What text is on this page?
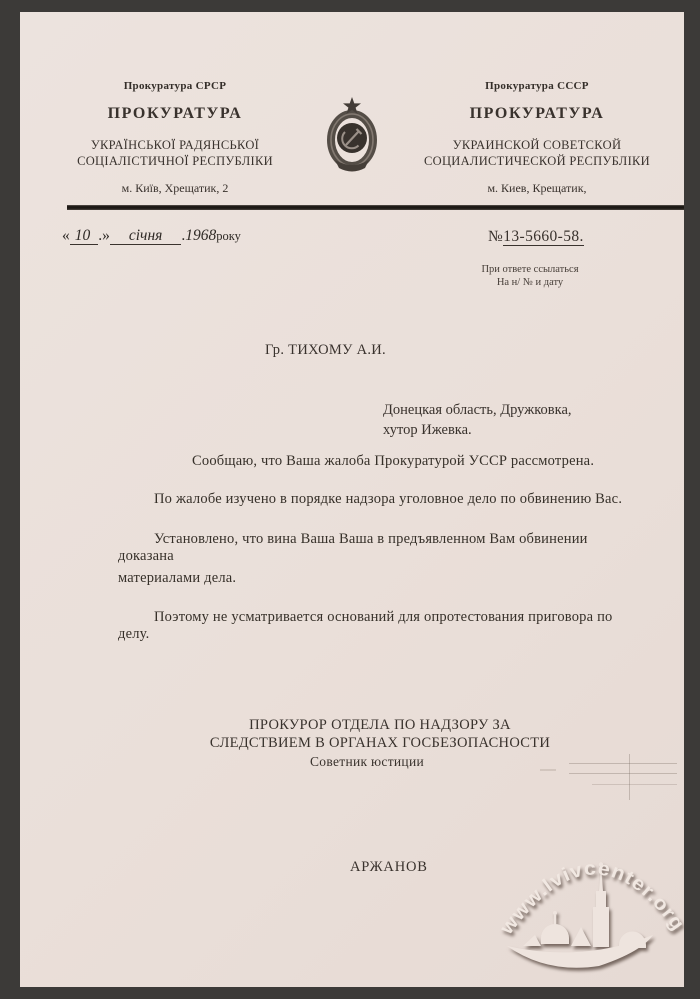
Прокуратура СРСР
ПРОКУРАТУРА
УКРАЇНСЬКОЇ РАДЯНСЬКОЇ
СОЦІАЛІСТИЧНОЇ РЕСПУБЛІКИ
м. Київ, Хрещатик, 2
Прокуратура СССР
ПРОКУРАТУРА
УКРАИНСКОЙ СОВЕТСКОЙ
СОЦИАЛИСТИЧЕСКОЙ РЕСПУБЛІКИ
м. Киев, Крещатик,
« 10 .» січня .1968року	№13-5660-58.
При ответе ссылаться
На н/ № и дату
Гр. ТИХОМУ А.И.
Донецкая область, Дружковка,
хутор Ижевка.
Сообщаю, что Ваша жалоба Прокуратурой УССР рассмотрена.
По жалобе изучено в порядке надзора уголовное дело по обвинению Вас.
Установлено, что вина Ваша Ваша в предъявленном Вам обвинении доказана
материалами дела.
Поэтому не усматривается оснований для опротестования приговора по делу.
ПРОКУРОР ОТДЕЛА ПО НАДЗОРУ ЗА
СЛЕДСТВИЕМ В ОРГАНАХ ГОСБЕЗОПАСНОСТИ
Советник юстиции
АРЖАНОВ
www.lvivcenter.org
